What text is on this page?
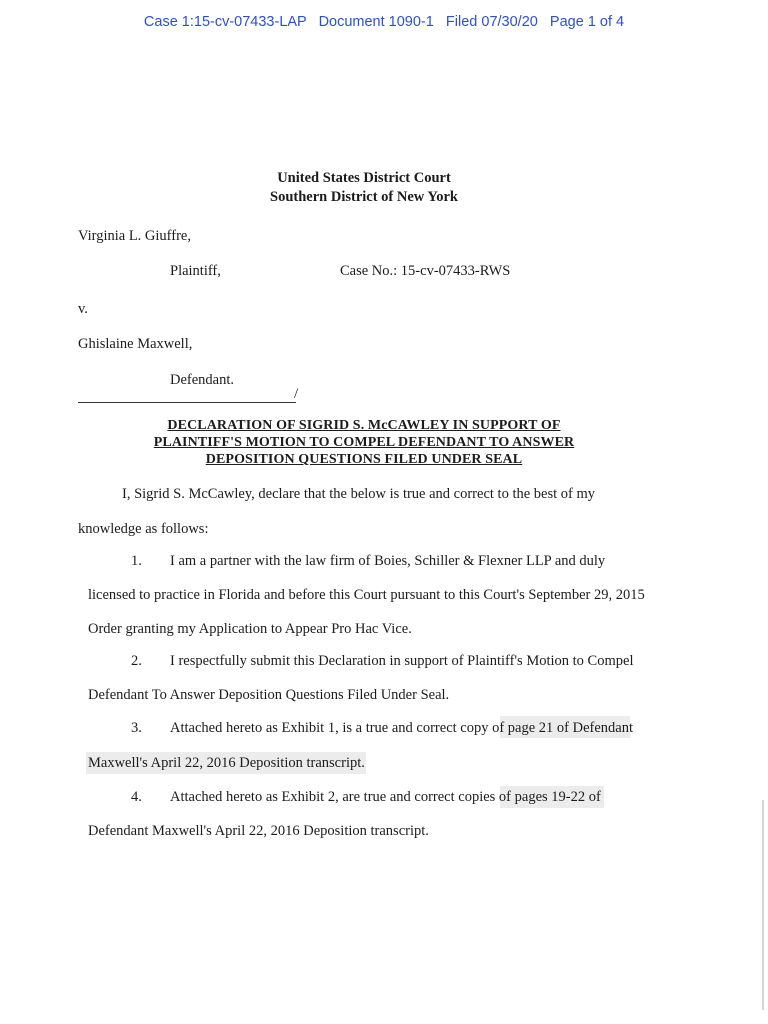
Case 1:15-cv-07433-LAP Document 1090-1 Filed 07/30/20 Page 1 of 4
United States District Court
Southern District of New York
Virginia L. Giuffre,
Plaintiff,	Case No.: 15-cv-07433-RWS
v.
Ghislaine Maxwell,
Defendant.
/
DECLARATION OF SIGRID S. McCAWLEY IN SUPPORT OF
PLAINTIFF'S MOTION TO COMPEL DEFENDANT TO ANSWER
DEPOSITION QUESTIONS FILED UNDER SEAL
I, Sigrid S. McCawley, declare that the below is true and correct to the best of my
knowledge as follows:
1. I am a partner with the law firm of Boies, Schiller & Flexner LLP and duly
licensed to practice in Florida and before this Court pursuant to this Court's September 29, 2015
Order granting my Application to Appear Pro Hac Vice.
2. I respectfully submit this Declaration in support of Plaintiff's Motion to Compel
Defendant To Answer Deposition Questions Filed Under Seal.
3. Attached hereto as Exhibit 1, is a true and correct copy of page 21 of Defendant
Maxwell's April 22, 2016 Deposition transcript.
4. Attached hereto as Exhibit 2, are true and correct copies of pages 19-22 of
Defendant Maxwell's April 22, 2016 Deposition transcript.
